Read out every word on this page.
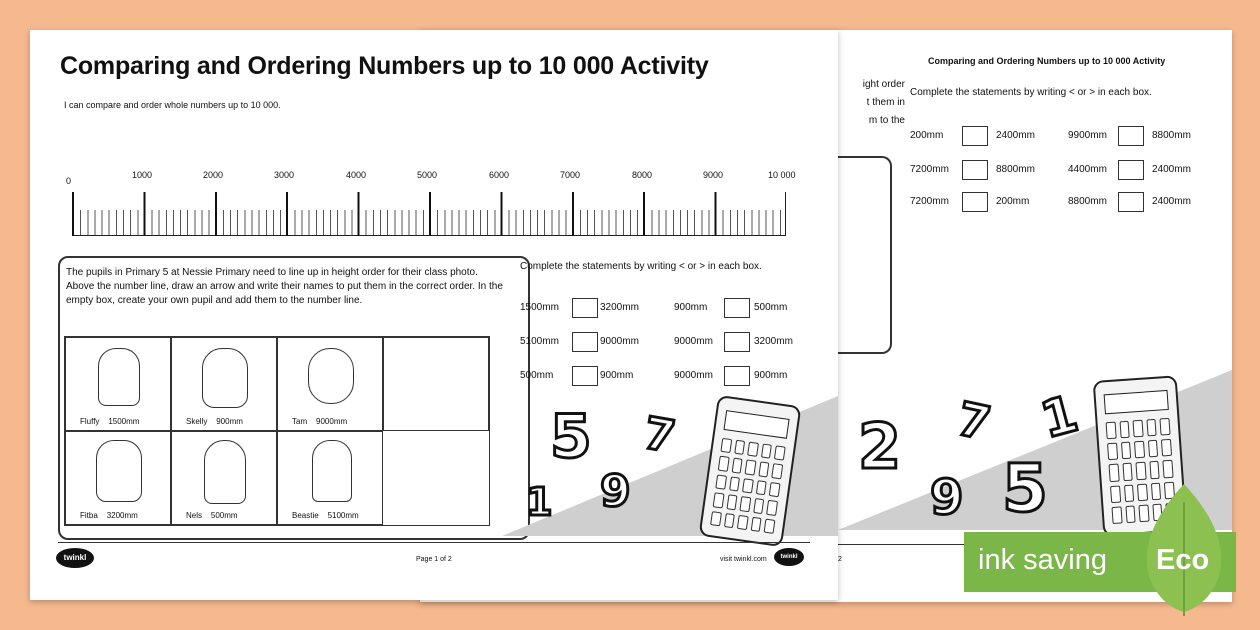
Comparing and Ordering Numbers up to 10 000 Activity
ight order
t them in
m to the
Complete the statements by writing < or > in each box.
200mm	2400mm	9900mm	8800mm
7200mm	8800mm	4400mm	2400mm
7200mm	200mm	8800mm	2400mm
2 7 1
9 5
2
Comparing and Ordering Numbers up to 10 000 Activity
I can compare and order whole numbers up to 10 000.
0
1000	2000	3000	4000	5000	6000	7000	8000	9000	10 000
The pupils in Primary 5 at Nessie Primary need to line up in height order for their class photo. Above the number line, draw an arrow and write their names to put them in the correct order. In the empty box, create your own pupil and add them to the number line.
Fluffy 1500mm	Skelly 900mm	Tam 9000mm
Fitba 3200mm	Nels 500mm	Beastie 5100mm
Complete the statements by writing < or > in each box.
1500mm	3200mm	900mm	500mm
5100mm	9000mm	9000mm	3200mm
500mm	900mm	9000mm	900mm
5 7
9
1
twinkl	Page 1 of 2	visit twinkl.com	twinkl	ink saving Eco
